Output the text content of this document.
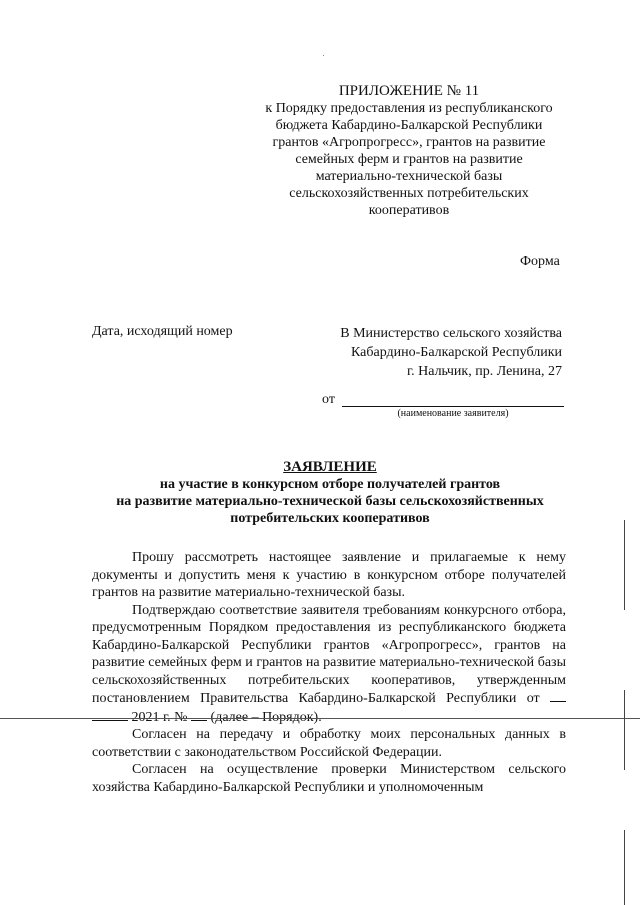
ПРИЛОЖЕНИЕ № 11
к Порядку предоставления из республиканского
бюджета Кабардино-Балкарской Республики
грантов «Агропрогресс», грантов на развитие
семейных ферм и грантов на развитие
материально-технической базы
сельскохозяйственных потребительских
кооперативов
Форма
Дата, исходящий номер	В Министерство сельского хозяйства
Кабардино-Балкарской Республики
г. Нальчик, пр. Ленина, 27
от
(наименование заявителя)
ЗАЯВЛЕНИЕ
на участие в конкурсном отборе получателей грантов
на развитие материально-технической базы сельскохозяйственных
потребительских кооперативов

Прошу рассмотреть настоящее заявление и прилагаемые к нему документы и допустить меня к участию в конкурсном отборе получателей грантов на развитие материально-технической базы.

Подтверждаю соответствие заявителя требованиям конкурсного отбора, предусмотренным Порядком предоставления из республиканского бюджета Кабардино-Балкарской Республики грантов «Агропрогресс», грантов на развитие семейных ферм и грантов на развитие материально-технической базы сельскохозяйственных потребительских кооперативов, утвержденным постановлением Правительства Кабардино-Балкарской Республики от   2021 г. № (далее – Порядок).

Согласен на передачу и обработку моих персональных данных в соответствии с законодательством Российской Федерации.

Согласен на осуществление проверки Министерством сельского хозяйства Кабардино-Балкарской Республики и уполномоченным
